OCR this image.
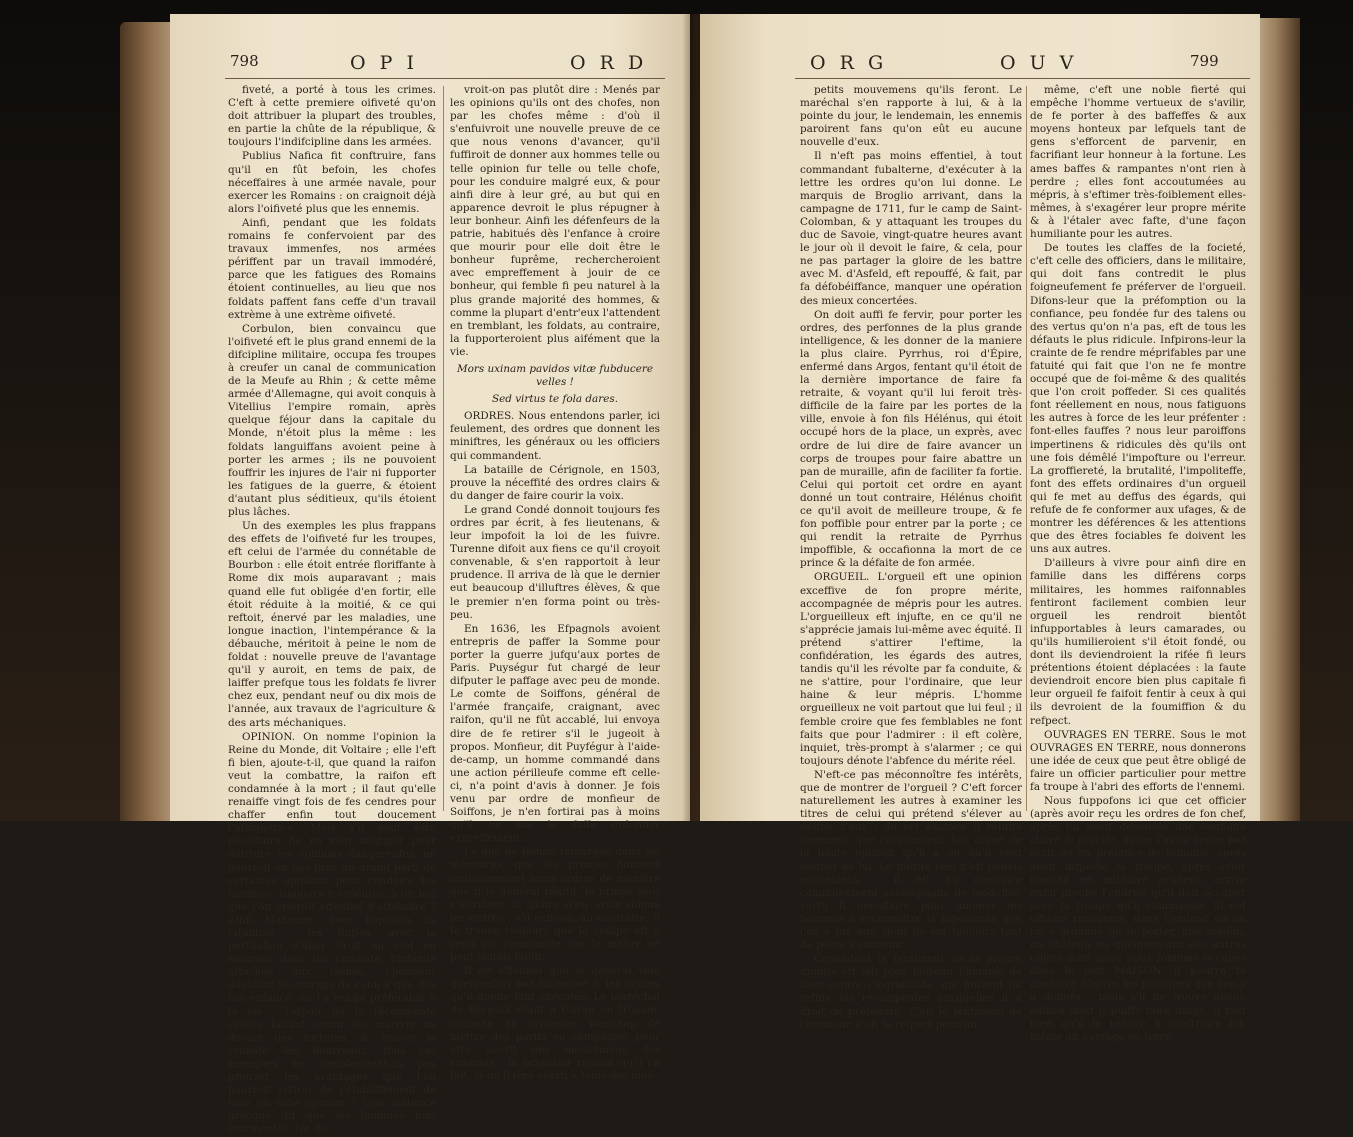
798	O P I	O R D

fiveté, a porté à tous les crimes. C'eft à cette premiere oifiveté qu'on doit attribuer la plupart des troubles, en partie la chûte de la république, & toujours l'indifcipline dans les armées.

Publius Nafica fit conftruire, fans qu'il en fût befoin, les chofes néceffaires à une armée navale, pour exercer les Romains : on craignoit déjà alors l'oifiveté plus que les ennemis.

Ainfi, pendant que les foldats romains fe confervoient par des travaux immenfes, nos armées périffent par un travail immodéré, parce que les fatigues des Romains étoient continuelles, au lieu que nos foldats paffent fans ceffe d'un travail extrème à une extrème oifiveté.

Corbulon, bien convaincu que l'oifiveté eft le plus grand ennemi de la difcipline militaire, occupa fes troupes à creufer un canal de communication de la Meufe au Rhin ; & cette même armée d'Allemagne, qui avoit conquis à Vitellius l'empire romain, après quelque féjour dans la capitale du Monde, n'étoit plus la même : les foldats languiffans avoient peine à porter les armes ; ils ne pouvoient fouffrir les injures de l'air ni fupporter les fatigues de la guerre, & étoient d'autant plus séditieux, qu'ils étoient plus lâches.

Un des exemples les plus frappans des effets de l'oifiveté fur les troupes, eft celui de l'armée du connétable de Bourbon : elle étoit entrée floriffante à Rome dix mois auparavant ; mais quand elle fut obligée d'en fortir, elle étoit réduite à la moitié, & ce qui reftoit, énervé par les maladies, une longue inaction, l'intempérance & la débauche, méritoit à peine le nom de foldat : nouvelle preuve de l'avantage qu'il y auroit, en tems de paix, de laiffer prefque tous les foldats fe livrer chez eux, pendant neuf ou dix mois de l'année, aux travaux de l'agriculture & des arts méchaniques.

OPINION. On nomme l'opinion la Reine du Monde, dit Voltaire ; elle l'eft fi bien, ajoute-t-il, que quand la raifon veut la combattre, la raifon eft condamnée à la mort ; il faut qu'elle renaiffe vingt fois de fes cendres pour chaffer enfin tout doucement l'ufurpatrice. Mais s'il peut être néceffaire de ne rien négliger pour détruire les opinions dangereufes, ne pourroit-on pas tirer un grand parti de certaines opinions pour conduire les hommes, toujours fi crédules, à un but que l'on croiroit effentiel d'atteindre ? Ainfi Mahomet, avec l'opinion du fatalifme ; les Ruffes, avec la perfuafion d'aller droit au ciel en mourant dans les combats, l'infamie attachée aux lâches, l'honneur doublant le courage de celui à qui, dès fon enfance, on l'a rendu préférable à la vie ; l'efpoir de la récompenfe célefte faifant courir les martyrs au devant des tortures, & braver la cruauté des bourreaux, tous ces exemples ne fembleroient-ils pas prouver les avantages que l'on pourroit retirer de l'établiffement de telle ou telle opinion ? Une fentence grecque dit que les hommes font tourmentés, Ne de-

vroit-on pas plutôt dire : Menés par les opinions qu'ils ont des chofes, non par les chofes même : d'où il s'enfuivroit une nouvelle preuve de ce que nous venons d'avancer, qu'il fuffiroit de donner aux hommes telle ou telle opinion fur telle ou telle chofe, pour les conduire malgré eux, & pour ainfi dire à leur gré, au but qui en apparence devroit le plus répugner à leur bonheur. Ainfi les défenfeurs de la patrie, habitués dès l'enfance à croire que mourir pour elle doit être le bonheur fuprême, rechercheroient avec empreffement à jouir de ce bonheur, qui femble fi peu naturel à la plus grande majorité des hommes, & comme la plupart d'entr'eux l'attendent en tremblant, les foldats, au contraire, la fupporteroient plus aifément que la vie.

Mors uxinam pavidos vitæ fubducere velles !

Sed virtus te fola dares.

ORDRES. Nous entendons parler, ici feulement, des ordres que donnent les miniftres, les généraux ou les officiers qui commandent.

La bataille de Cérignole, en 1503, prouve la néceffité des ordres clairs & du danger de faire courir la voix.

Le grand Condé donnoit toujours fes ordres par écrit, à fes lieutenans, & leur impofoit la loi de les fuivre. Turenne difoit aux fiens ce qu'il croyoit convenable, & s'en rapportoit à leur prudence. Il arriva de là que le dernier eut beaucoup d'illuftres élèves, & que le premier n'en forma point ou très-peu.

En 1636, les Efpagnols avoient entrepris de paffer la Somme pour porter la guerre jufqu'aux portes de Paris. Puységur fut chargé de leur difputer le paffage avec peu de monde. Le comte de Soiffons, général de l'armée françaife, craignant, avec raifon, qu'il ne fût accablé, lui envoya dire de fe retirer s'il le jugeoit à propos. Monfieur, dit Puyfégur à l'aide-de-camp, un homme commandé dans une action périlleufe comme eft celle-ci, n'a point d'avis à donner. Je fois venu par ordre de monfieur de Soiffons, je n'en fortirai pas à moins qu'il ne me le faffe ordonner expreffément.

Le duc de Rohan remarque dans fes mémoires, que les princes donnent ordinairement leurs ordres de manière que fi le général réuffit, le prince veut s'attribuer la gloire d'en avoir donné les ordres ; s'il échoue, au contraire, il fe trouve toujours que la coulpe eft à celui qui commande, car le maître ne peut jamais faillir.

Il eft effentiel que le général voie quelquefois par lui-même fi les ordres qu'il donne font exécutés. Le maréchal de Berwick étant à Cuvan en Irlande, ordonne au brigadier Wanchop de mettre des partis en campagne, pour être averti des mouvemens des ennemis : le brigadier répond qu'il l'a fait, & qu'il fera averti à tems des plus

O R G	O U V	799

petits mouvemens qu'ils feront. Le maréchal s'en rapporte à lui, & à la pointe du jour, le lendemain, les ennemis paroirent fans qu'on eût eu aucune nouvelle d'eux.

Il n'eft pas moins effentiel, à tout commandant fubalterne, d'exécuter à la lettre les ordres qu'on lui donne. Le marquis de Broglio arrivant, dans la campagne de 1711, fur le camp de Saint-Colomban, & y attaquant les troupes du duc de Savoie, vingt-quatre heures avant le jour où il devoit le faire, & cela, pour ne pas partager la gloire de les battre avec M. d'Asfeld, eft repouffé, & fait, par fa défobéiffance, manquer une opération des mieux concertées.

On doit auffi fe fervir, pour porter les ordres, des perfonnes de la plus grande intelligence, & les donner de la maniere la plus claire. Pyrrhus, roi d'Épire, enfermé dans Argos, fentant qu'il étoit de la dernière importance de faire fa retraite, & voyant qu'il lui feroit très-difficile de la faire par les portes de la ville, envoie à fon fils Hélénus, qui étoit occupé hors de la place, un exprès, avec ordre de lui dire de faire avancer un corps de troupes pour faire abattre un pan de muraille, afin de faciliter fa fortie. Celui qui portoit cet ordre en ayant donné un tout contraire, Hélénus choifit ce qu'il avoit de meilleure troupe, & fe fon poffible pour entrer par la porte ; ce qui rendit la retraite de Pyrrhus impoffible, & occafionna la mort de ce prince & la défaite de fon armée.

ORGUEIL. L'orgueil eft une opinion exceffive de fon propre mérite, accompagnée de mépris pour les autres. L'orgueilleux eft injufte, en ce qu'il ne s'apprécie jamais lui-même avec équité. Il prétend s'attirer l'eftime, la confidération, les égards des autres, tandis qu'il les révolte par fa conduite, & ne s'attire, pour l'ordinaire, que leur haine & leur mépris. L'homme orgueilleux ne voit partout que lui feul ; il femble croire que fes femblables ne font faits que pour l'admirer : il eft colère, inquiet, très-prompt à s'alarmer ; ce qui toujours dénote l'abfence du mérite réel.

N'eft-ce pas méconnoître fes intérêts, que de montrer de l'orgueil ? C'eft forcer naturellement les autres à examiner les titres de celui qui prétend s'élever au deffus d'eux : de cet examen il réfulte rarement que l'orgueilleux foit digne de la haute opinion qu'il a ou qu'il veut donner de lui. Le mérite réel n'eft jamais orgueilleux ; il eft au contraire communément accompagné de modeftie, vertu fi néceffaire pour amener les hommes à reconnoître la fupériorité que l'on a fur eux, dont ils ont toujours tant de peine à convenir.

Cependant le fentiment de fa propre dignité eft fait pour foutenir l'homme de bien contre l'ingratitude, qui fouvent lui refufe les récompenfes auxquelles il a droit de prétendre. C'eft le fentiment de l'honneur, c'eft le refpect pour lui-

même, c'eft une noble fierté qui empêche l'homme vertueux de s'avilir, de fe porter à des baffeffes & aux moyens honteux par lefquels tant de gens s'efforcent de parvenir, en facrifiant leur honneur à la fortune. Les ames baffes & rampantes n'ont rien à perdre ; elles font accoutumées au mépris, à s'eftimer très-foiblement elles-mêmes, à s'exagérer leur propre mérite & à l'étaler avec fafte, d'une façon humiliante pour les autres.

De toutes les claffes de la focieté, c'eft celle des officiers, dans le militaire, qui doit fans contredit le plus foigneufement fe préferver de l'orgueil. Difons-leur que la préfomption ou la confiance, peu fondée fur des talens ou des vertus qu'on n'a pas, eft de tous les défauts le plus ridicule. Infpirons-leur la crainte de fe rendre méprifables par une fatuité qui fait que l'on ne fe montre occupé que de foi-même & des qualités que l'on croit poffeder. Si ces qualités font réellement en nous, nous fatiguons les autres à force de les leur préfenter : font-elles fauffes ? nous leur paroiffons impertinens & ridicules dès qu'ils ont une fois démêlé l'impofture ou l'erreur. La groffiereté, la brutalité, l'impoliteffe, font des effets ordinaires d'un orgueil qui fe met au deffus des égards, qui refufe de fe conformer aux ufages, & de montrer les déférences & les attentions que des êtres fociables fe doivent les uns aux autres.

D'ailleurs à vivre pour ainfi dire en famille dans les différens corps militaires, les hommes raifonnables fentiront facilement combien leur orgueil les rendroit bientôt infupportables à leurs camarades, ou qu'ils humilieroient s'il étoit fondé, ou dont ils deviendroient la rifée fi leurs prétentions étoient déplacées : la faute deviendroit encore bien plus capitale fi leur orgueil fe faifoit fentir à ceux à qui ils devroient de la foumiffion & du refpect.

OUVRAGES EN TERRE. Sous le mot OUVRAGES EN TERRE, nous donnerons une idée de ceux que peut être obligé de faire un officier particulier pour mettre fa troupe à l'abri des efforts de l'ennemi.

Nous fuppofons ici que cet officier (après avoir reçu les ordres de fon chef, après lui avoir demandé une configne claire & précife, après l'avoir reçue par écrit ou en préfence de témoins, après avoir infpecté fa troupe, après avoir marché en militaire prudent) arrive enfin proche l'endroit qu'il doit occuper avec la troupe qu'il commande. Si cet officier rencontre, dans l'endroit où on lui a ordonné de fe porter, une maifon, un château ou quelques-uns des autres objets dont nous nous fommes occupés dans le mot MAISON, il pourra fe conduire d'après les principes que l'on y a donnés ; mais s'il ne trouve aucun édifice dont il puiffe faire ufage, il faut bien qu'il fe réfolve à conftruire lui-même un ouvrage en terre,
